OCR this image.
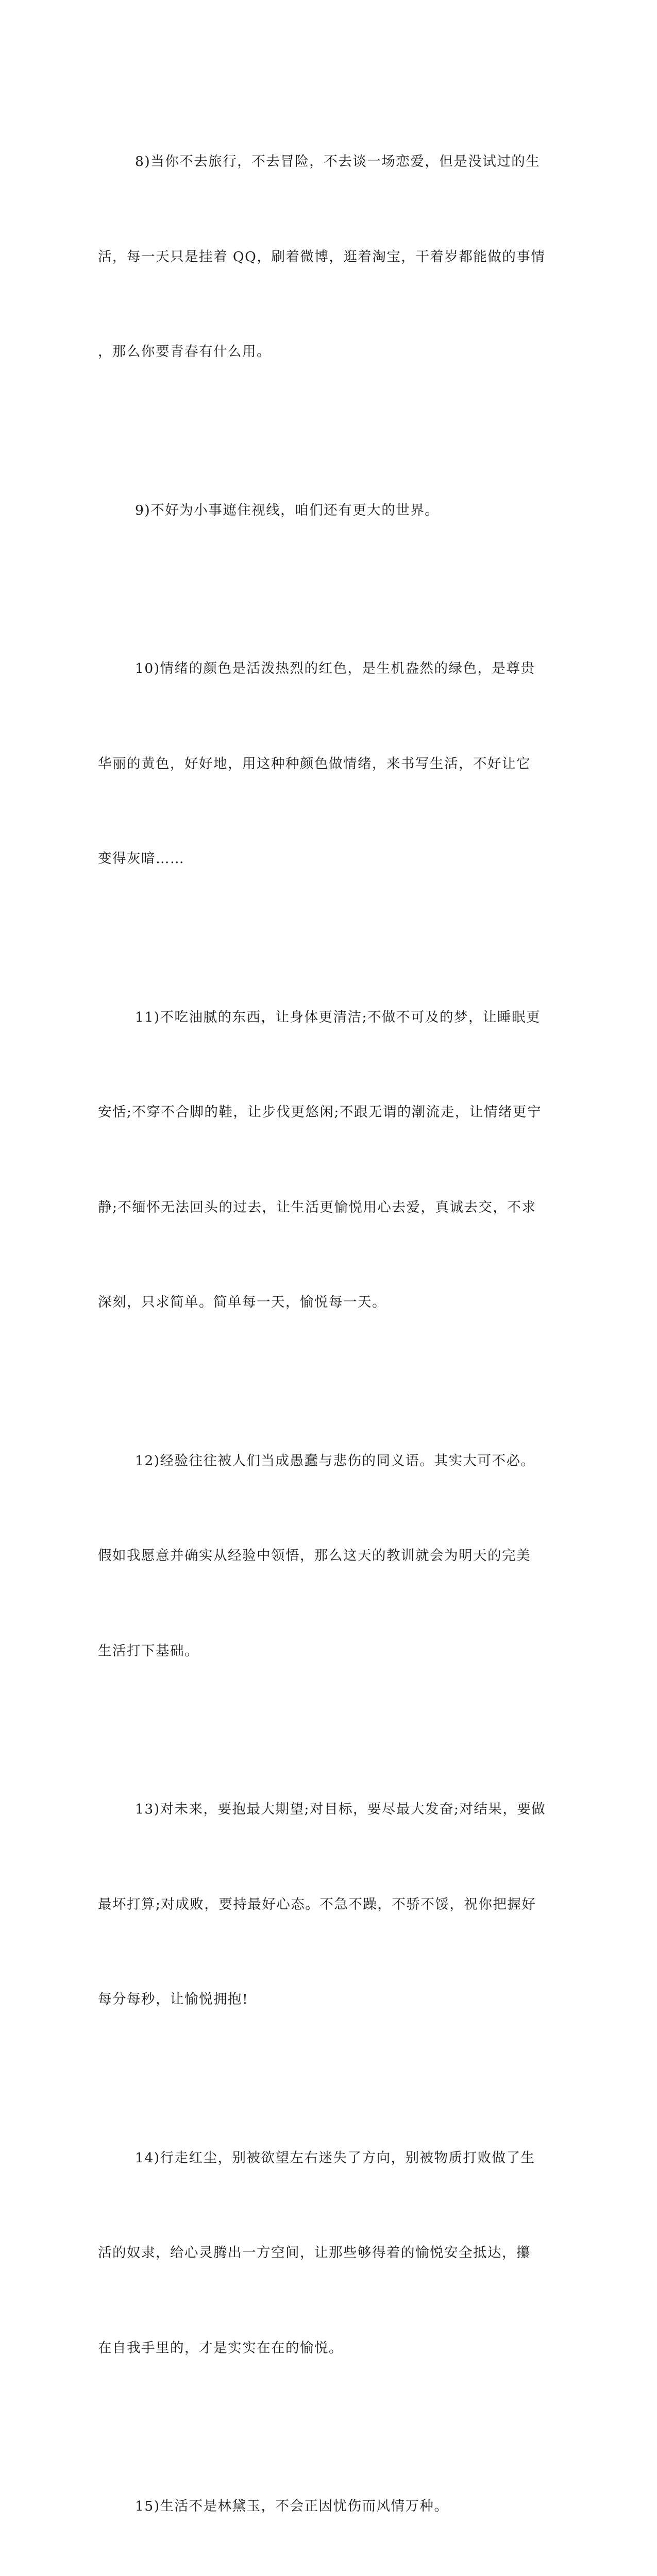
8)当你不去旅行，不去冒险，不去谈一场恋爱，但是没试过的生

活，每一天只是挂着 QQ，刷着微博，逛着淘宝，干着岁都能做的事情

，那么你要青春有什么用。

9)不好为小事遮住视线，咱们还有更大的世界。

10)情绪的颜色是活泼热烈的红色，是生机盎然的绿色，是尊贵

华丽的黄色，好好地，用这种种颜色做情绪，来书写生活，不好让它

变得灰暗……

11)不吃油腻的东西，让身体更清洁;不做不可及的梦，让睡眠更

安恬;不穿不合脚的鞋，让步伐更悠闲;不跟无谓的潮流走，让情绪更宁

静;不缅怀无法回头的过去，让生活更愉悦用心去爱，真诚去交，不求

深刻，只求简单。简单每一天，愉悦每一天。

12)经验往往被人们当成愚蠢与悲伤的同义语。其实大可不必。

假如我愿意并确实从经验中领悟，那么这天的教训就会为明天的完美

生活打下基础。

13)对未来，要抱最大期望;对目标，要尽最大发奋;对结果，要做

最坏打算;对成败，要持最好心态。不急不躁，不骄不馁，祝你把握好

每分每秒，让愉悦拥抱!

14)行走红尘，别被欲望左右迷失了方向，别被物质打败做了生

活的奴隶，给心灵腾出一方空间，让那些够得着的愉悦安全抵达，攥

在自我手里的，才是实实在在的愉悦。

15)生活不是林黛玉，不会正因忧伤而风情万种。
